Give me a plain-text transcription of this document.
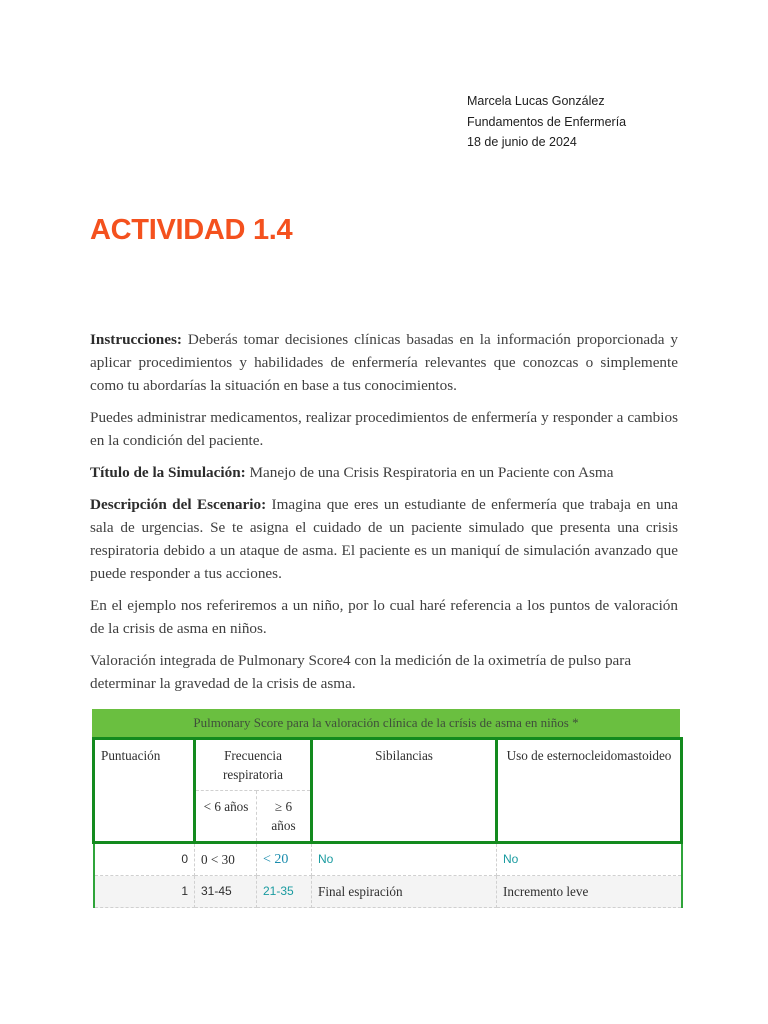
Marcela Lucas González
Fundamentos de Enfermería
18 de junio de 2024
ACTIVIDAD 1.4

Instrucciones: Deberás tomar decisiones clínicas basadas en la información proporcionada y aplicar procedimientos y habilidades de enfermería relevantes que conozcas o simplemente como tu abordarías la situación en base a tus conocimientos.

Puedes administrar medicamentos, realizar procedimientos de enfermería y responder a cambios en la condición del paciente.

Título de la Simulación: Manejo de una Crisis Respiratoria en un Paciente con Asma

Descripción del Escenario: Imagina que eres un estudiante de enfermería que trabaja en una sala de urgencias. Se te asigna el cuidado de un paciente simulado que presenta una crisis respiratoria debido a un ataque de asma. El paciente es un maniquí de simulación avanzado que puede responder a tus acciones.

En el ejemplo nos referiremos a un niño, por lo cual haré referencia a los puntos de valoración de la crisis de asma en niños.

Valoración integrada de Pulmonary Score4 con la medición de la oximetría de pulso para determinar la gravedad de la crisis de asma.

Pulmonary Score para la valoración clínica de la crísis de asma en niños *
Puntuación	Frecuencia respiratoria		Sibilancias	Uso de esternocleidomastoideo
	< 6 años	≥ 6 años		
0	0 < 30	< 20	No	No
1	31-45	21-35	Final espiración	Incremento leve
